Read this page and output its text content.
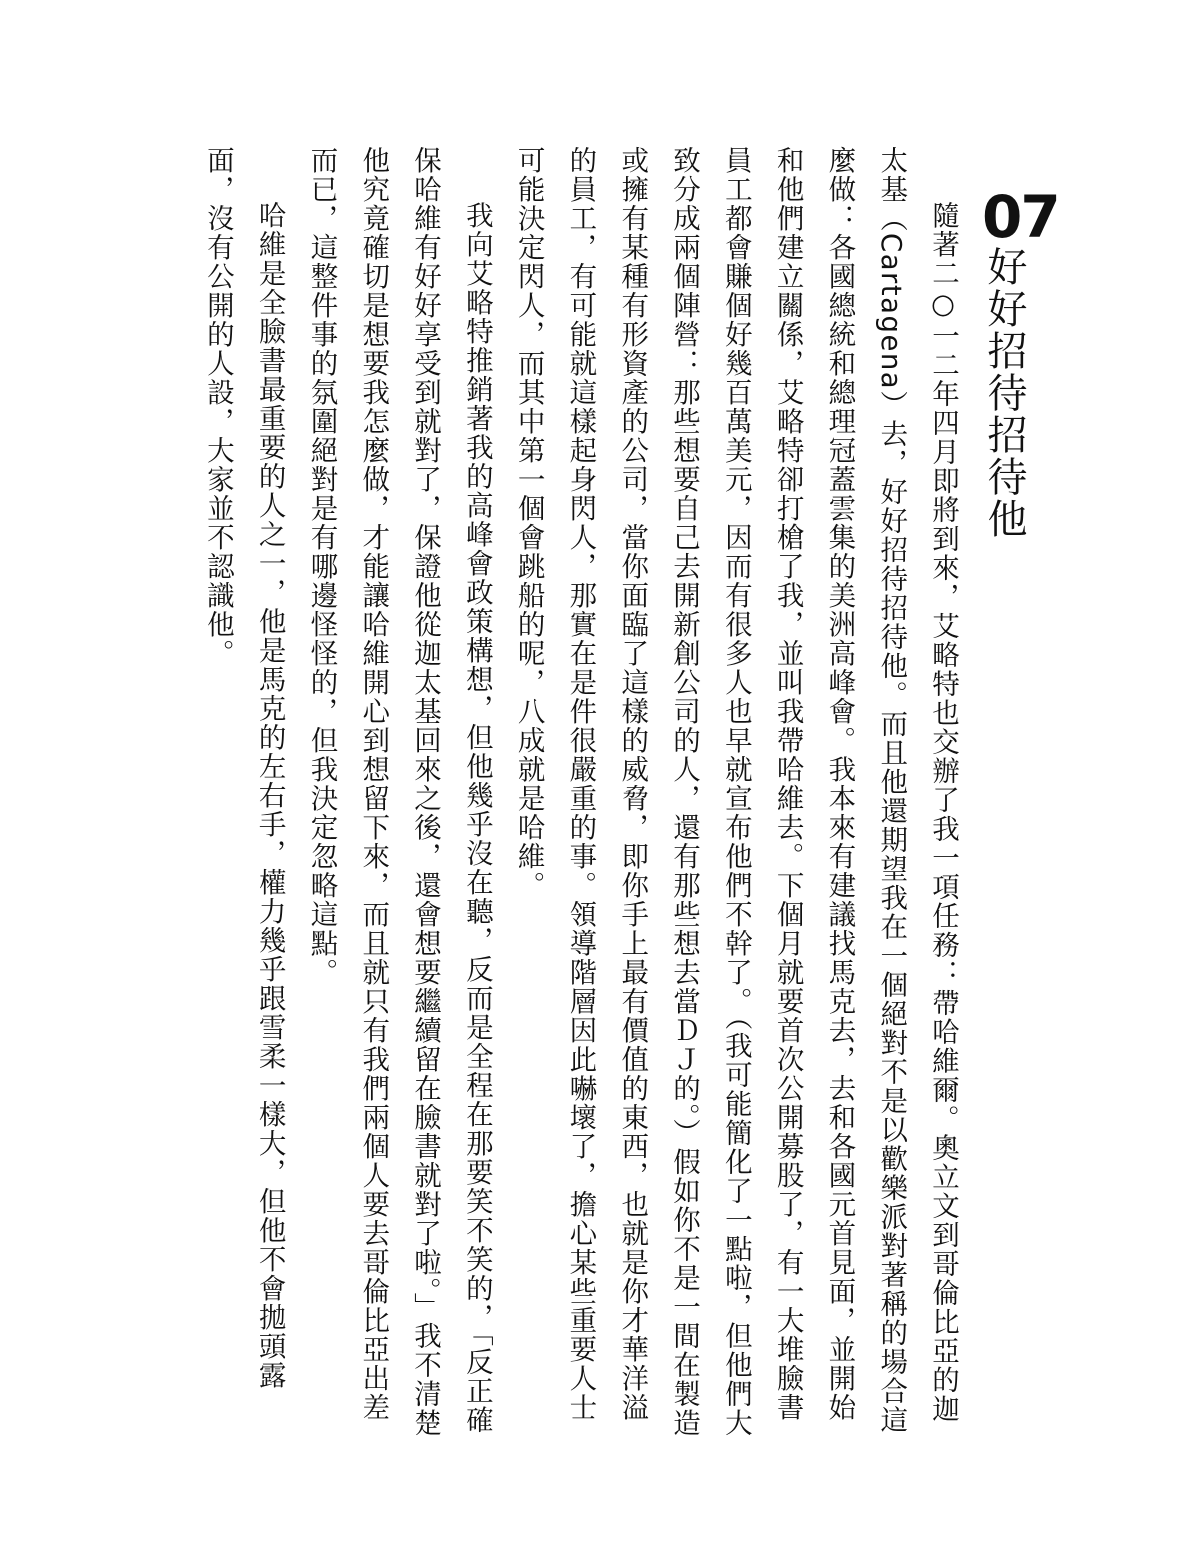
07
好好招待招待他

隨著二○一二年四月即將到來，艾略特也交辦了我一項任務：帶哈維爾。奧立文到哥倫比亞的迦太基（Cartagena）去，好好招待招待他。而且他還期望我在一個絕對不是以歡樂派對著稱的場合這麼做：各國總統和總理冠蓋雲集的美洲高峰會。我本來有建議找馬克去，去和各國元首見面，並開始和他們建立關係，艾略特卻打槍了我，並叫我帶哈維去。下個月就要首次公開募股了，有一大堆臉書員工都會賺個好幾百萬美元，因而有很多人也早就宣布他們不幹了。（我可能簡化了一點啦，但他們大致分成兩個陣營：那些想要自己去開新創公司的人，還有那些想去當ＤＪ的。）假如你不是一間在製造或擁有某種有形資產的公司，當你面臨了這樣的威脅，即你手上最有價值的東西，也就是你才華洋溢的員工，有可能就這樣起身閃人，那實在是件很嚴重的事。領導階層因此嚇壞了，擔心某些重要人士可能決定閃人，而其中第一個會跳船的呢，八成就是哈維。

我向艾略特推銷著我的高峰會政策構想，但他幾乎沒在聽，反而是全程在那要笑不笑的，「反正確保哈維有好好享受到就對了，保證他從迦太基回來之後，還會想要繼續留在臉書就對了啦。」我不清楚他究竟確切是想要我怎麼做，才能讓哈維開心到想留下來，而且就只有我們兩個人要去哥倫比亞出差而已，這整件事的氛圍絕對是有哪邊怪怪的，但我決定忽略這點。

哈維是全臉書最重要的人之一，他是馬克的左右手，權力幾乎跟雪柔一樣大，但他不會拋頭露面，沒有公開的人設，大家並不認識他。
